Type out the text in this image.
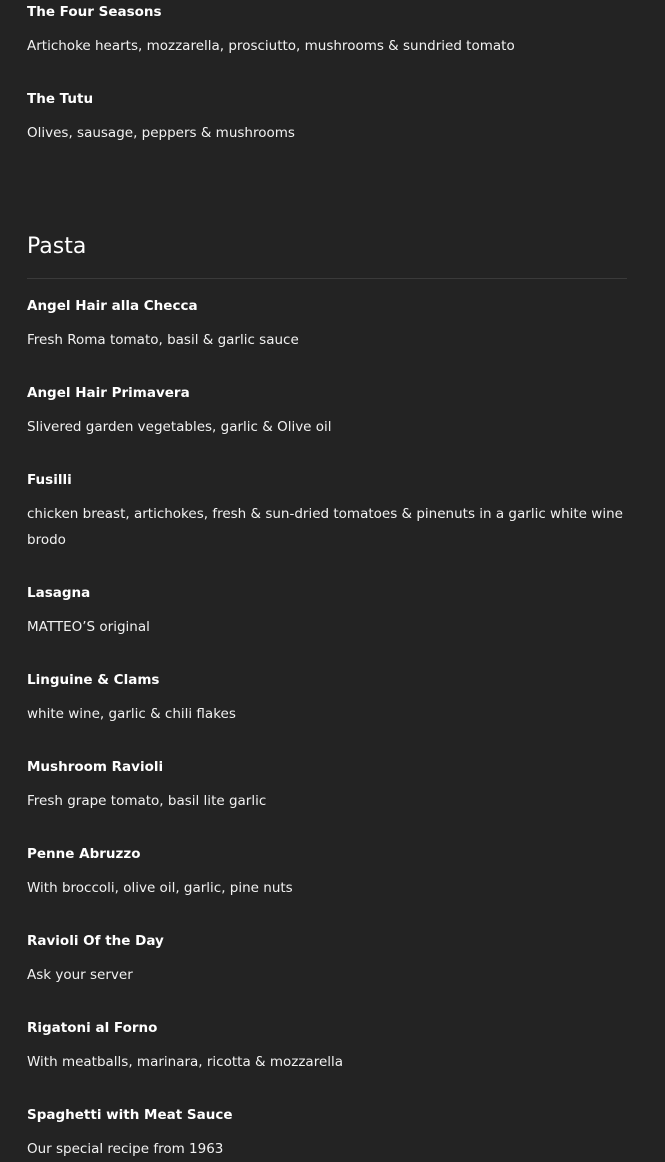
The Four Seasons
Artichoke hearts, mozzarella, prosciutto, mushrooms & sundried tomato
The Tutu
Olives, sausage, peppers & mushrooms
Pasta
Angel Hair alla Checca
Fresh Roma tomato, basil & garlic sauce
Angel Hair Primavera
Slivered garden vegetables, garlic & Olive oil
Fusilli
chicken breast, artichokes, fresh & sun-dried tomatoes & pinenuts in a garlic white wine brodo
Lasagna
MATTEO’S original
Linguine & Clams
white wine, garlic & chili flakes
Mushroom Ravioli
Fresh grape tomato, basil lite garlic
Penne Abruzzo
With broccoli, olive oil, garlic, pine nuts
Ravioli Of the Day
Ask your server
Rigatoni al Forno
With meatballs, marinara, ricotta & mozzarella
Spaghetti with Meat Sauce
Our special recipe from 1963
